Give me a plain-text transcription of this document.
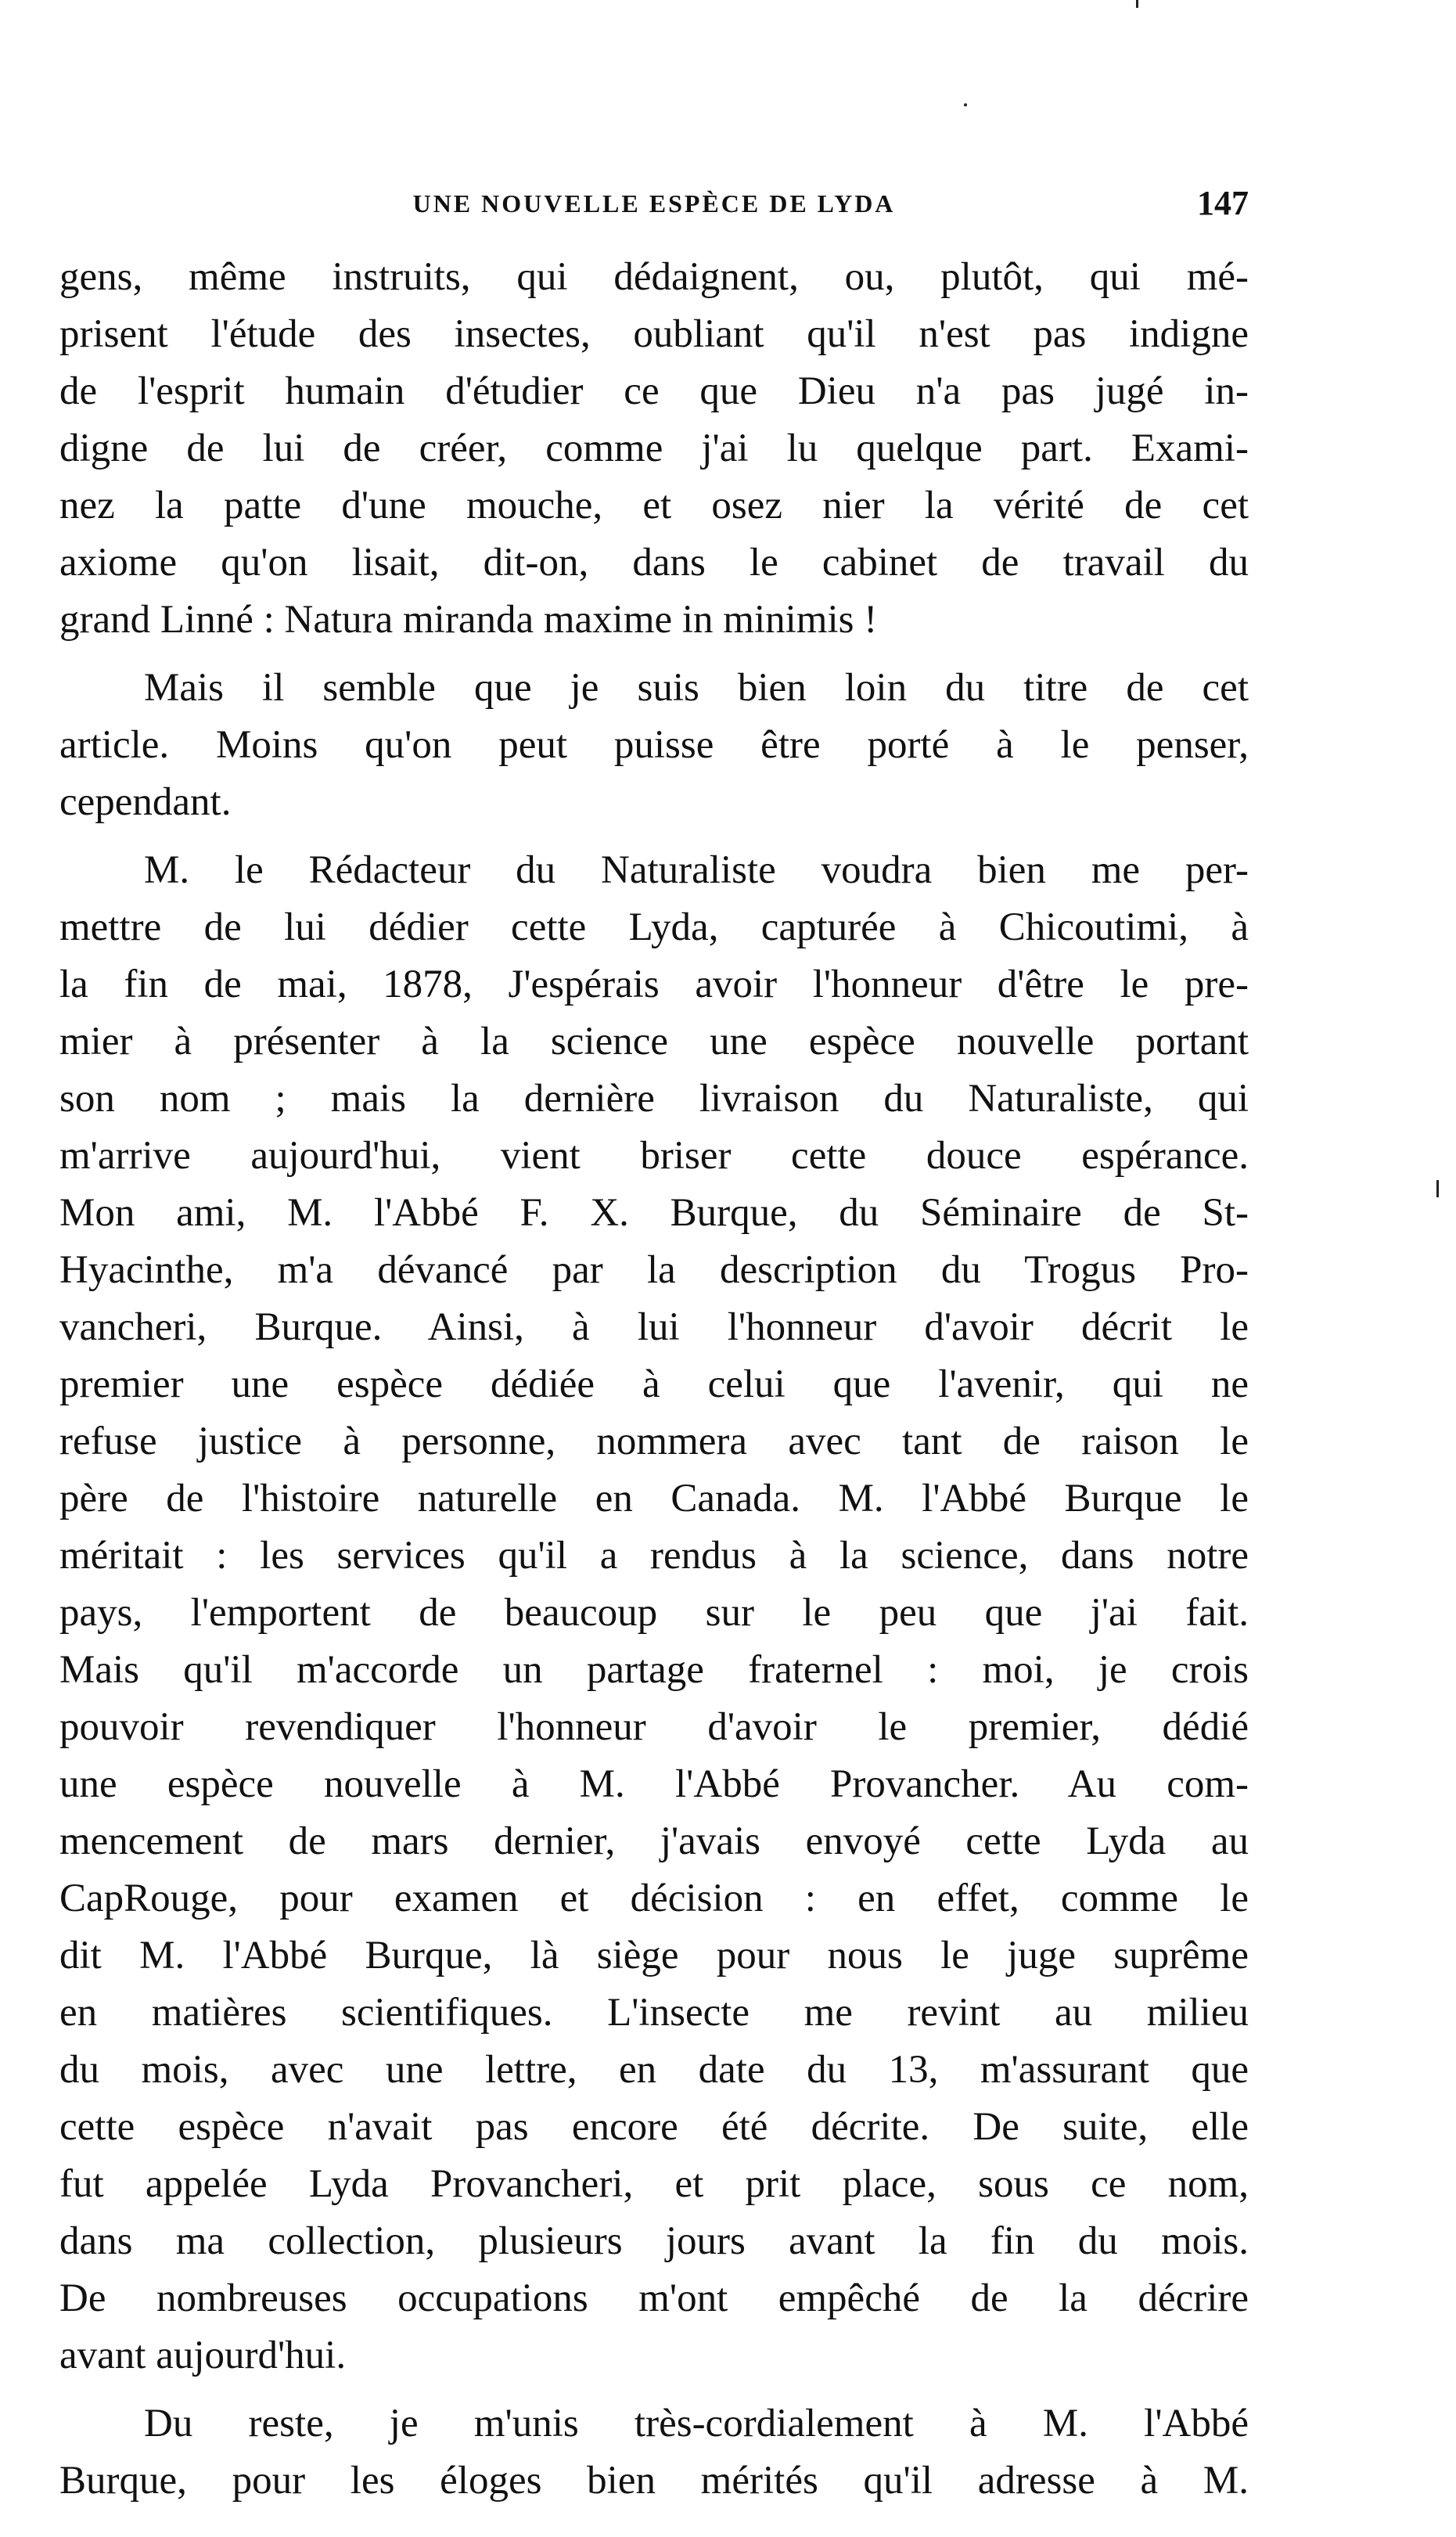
UNE NOUVELLE ESPÈCE DE LYDA	147
gens, même instruits, qui dédaignent, ou, plutôt, qui mé-
prisent l'étude des insectes, oubliant qu'il n'est pas indigne
de l'esprit humain d'étudier ce que Dieu n'a pas jugé in-
digne de lui de créer, comme j'ai lu quelque part. Exami-
nez la patte d'une mouche, et osez nier la vérité de cet
axiome qu'on lisait, dit-on, dans le cabinet de travail du
grand Linné : Natura miranda maxime in minimis !
Mais il semble que je suis bien loin du titre de cet
article. Moins qu'on peut puisse être porté à le penser,
cependant.
M. le Rédacteur du Naturaliste voudra bien me per-
mettre de lui dédier cette Lyda, capturée à Chicoutimi, à
la fin de mai, 1878, J'espérais avoir l'honneur d'être le pre-
mier à présenter à la science une espèce nouvelle portant
son nom ; mais la dernière livraison du Naturaliste, qui
m'arrive aujourd'hui, vient briser cette douce espérance.
Mon ami, M. l'Abbé F. X. Burque, du Séminaire de St-
Hyacinthe, m'a dévancé par la description du Trogus Pro-
vancheri, Burque. Ainsi, à lui l'honneur d'avoir décrit le
premier une espèce dédiée à celui que l'avenir, qui ne
refuse justice à personne, nommera avec tant de raison le
père de l'histoire naturelle en Canada. M. l'Abbé Burque le
méritait : les services qu'il a rendus à la science, dans notre
pays, l'emportent de beaucoup sur le peu que j'ai fait.
Mais qu'il m'accorde un partage fraternel : moi, je crois
pouvoir revendiquer l'honneur d'avoir le premier, dédié
une espèce nouvelle à M. l'Abbé Provancher. Au com-
mencement de mars dernier, j'avais envoyé cette Lyda au
CapRouge, pour examen et décision : en effet, comme le
dit M. l'Abbé Burque, là siège pour nous le juge suprême
en matières scientifiques. L'insecte me revint au milieu
du mois, avec une lettre, en date du 13, m'assurant que
cette espèce n'avait pas encore été décrite. De suite, elle
fut appelée Lyda Provancheri, et prit place, sous ce nom,
dans ma collection, plusieurs jours avant la fin du mois.
De nombreuses occupations m'ont empêché de la décrire
avant aujourd'hui.
Du reste, je m'unis très-cordialement à M. l'Abbé
Burque, pour les éloges bien mérités qu'il adresse à M.
